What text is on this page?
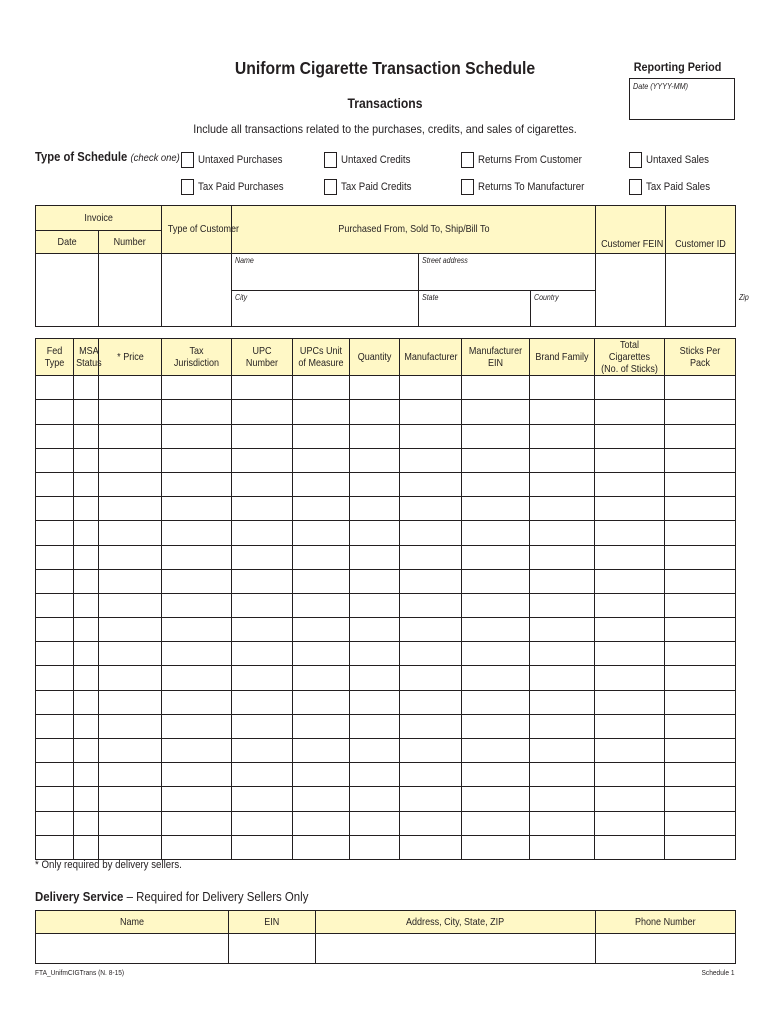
Uniform Cigarette Transaction Schedule	Reporting Period
Date (YYYY-MM)
Transactions
Include all transactions related to the purchases, credits, and sales of cigarettes.
Type of Schedule (check one) Untaxed Purchases
Tax Paid Purchases
Untaxed Credits
Tax Paid Credits
Returns From Customer
Returns To Manufacturer
Untaxed Sales
Tax Paid Sales
Invoice		Type of Customer	Purchased From, Sold To, Ship/Bill To			Customer FEIN	Customer ID	
Date	Number							
			Name	Street address				
			City	State	Country			Zip
Fed Type	MSA Status	* Price	Tax Jurisdiction	UPC Number	UPCs Unit of Measure	Quantity	Manufacturer	Manufacturer EIN	Brand Family	Total Cigarettes (No. of Sticks)	Sticks Per Pack

* Only required by delivery sellers.
Delivery Service – Required for Delivery Sellers Only
Name	EIN	Address, City, State, ZIP	Phone Number

FTA_UnifmCIGTrans (N. 8-15)	Schedule 1
